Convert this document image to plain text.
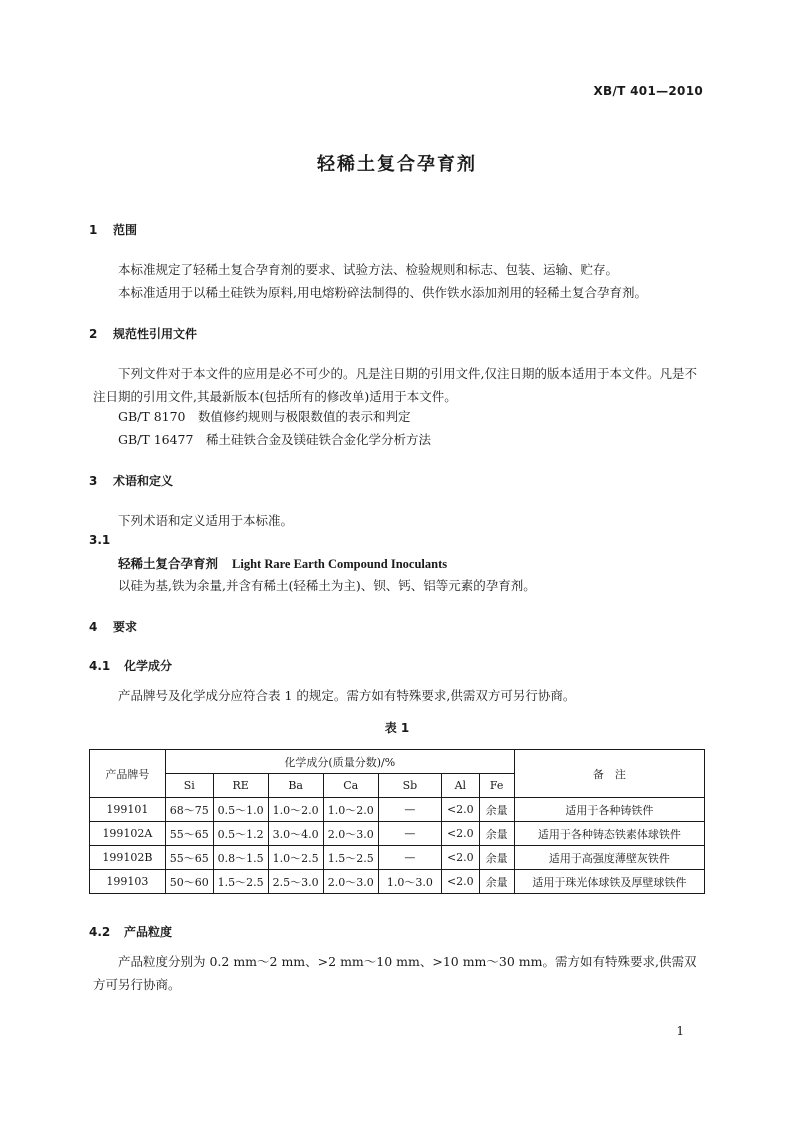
XB/T 401—2010
轻稀土复合孕育剂
1 范围
本标准规定了轻稀土复合孕育剂的要求、试验方法、检验规则和标志、包装、运输、贮存。
本标准适用于以稀土硅铁为原料,用电熔粉碎法制得的、供作铁水添加剂用的轻稀土复合孕育剂。
2 规范性引用文件
下列文件对于本文件的应用是必不可少的。凡是注日期的引用文件,仅注日期的版本适用于本文件。凡是不注日期的引用文件,其最新版本(包括所有的修改单)适用于本文件。
GB/T 8170　数值修约规则与极限数值的表示和判定
GB/T 16477　稀土硅铁合金及镁硅铁合金化学分析方法
3 术语和定义
下列术语和定义适用于本标准。
3.1
轻稀土复合孕育剂 Light Rare Earth Compound Inoculants
以硅为基,铁为余量,并含有稀土(轻稀土为主)、钡、钙、铝等元素的孕育剂。
4 要求
4.1 化学成分
产品牌号及化学成分应符合表 1 的规定。需方如有特殊要求,供需双方可另行协商。
表 1
产品牌号	化学成分(质量分数)/%							备　注
	Si	RE	Ba	Ca	Sb	Al	Fe	
199101	68～75	0.5～1.0	1.0～2.0	1.0～2.0	—	<2.0	余量	适用于各种铸铁件
199102A	55～65	0.5～1.2	3.0～4.0	2.0～3.0	—	<2.0	余量	适用于各种铸态铁素体球铁件
199102B	55～65	0.8～1.5	1.0～2.5	1.5～2.5	—	<2.0	余量	适用于高强度薄壁灰铁件
199103	50～60	1.5～2.5	2.5～3.0	2.0～3.0	1.0～3.0	<2.0	余量	适用于珠光体球铁及厚壁球铁件
4.2 产品粒度
产品粒度分别为 0.2 mm～2 mm、>2 mm～10 mm、>10 mm～30 mm。需方如有特殊要求,供需双方可另行协商。
1
